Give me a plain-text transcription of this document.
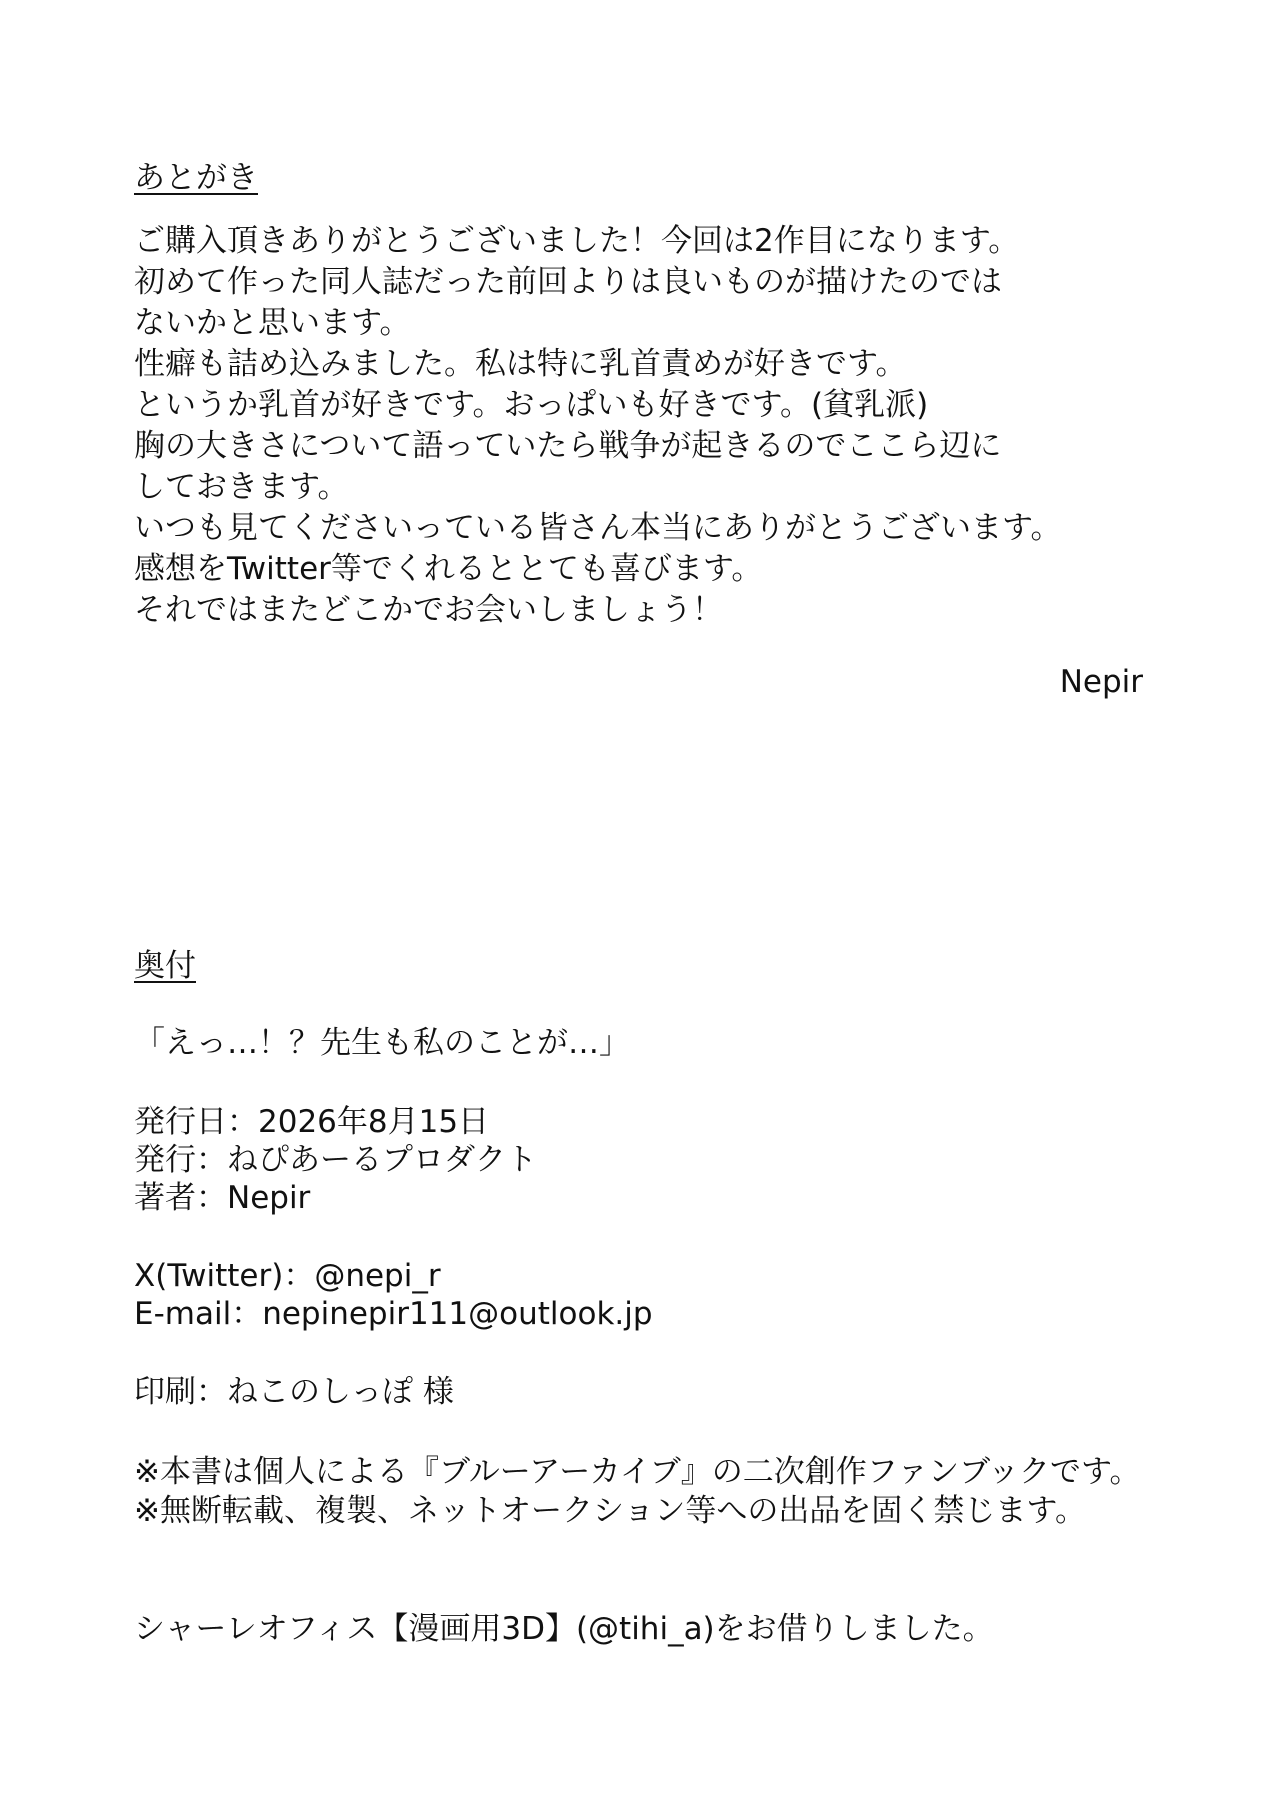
あとがき
ご購入頂きありがとうございました！今回は2作目になります。
初めて作った同人誌だった前回よりは良いものが描けたのでは
ないかと思います。
性癖も詰め込みました。私は特に乳首責めが好きです。
というか乳首が好きです。おっぱいも好きです。(貧乳派)
胸の大きさについて語っていたら戦争が起きるのでここら辺に
しておきます。
いつも見てくださいっている皆さん本当にありがとうございます。
感想をTwitter等でくれるととても喜びます。
それではまたどこかでお会いしましょう！
Nepir
奥付
「えっ…！？先生も私のことが…」
発行日：2026年8月15日
発行：ねぴあーるプロダクト
著者：Nepir
X(Twitter)：@nepi_r
E-mail：nepinepir111@outlook.jp
印刷：ねこのしっぽ 様
※本書は個人による『ブルーアーカイブ』の二次創作ファンブックです。
※無断転載、複製、ネットオークション等への出品を固く禁じます。
シャーレオフィス【漫画用3D】(@tihi_a)をお借りしました。
